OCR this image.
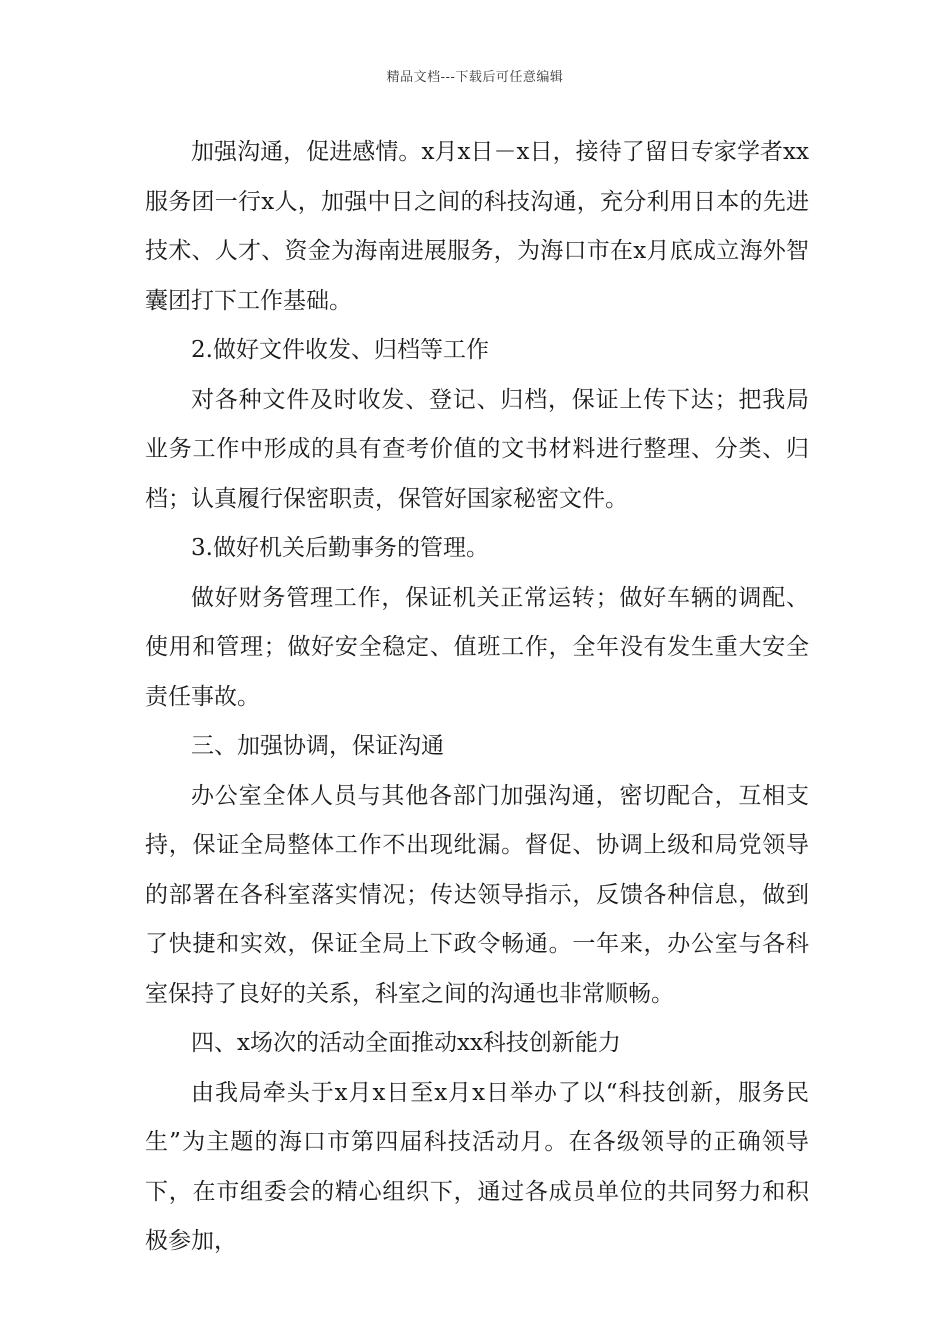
精品文档---下载后可任意编辑

加强沟通，促进感情。x月x日－x日，接待了留日专家学者xx服务团一行x人，加强中日之间的科技沟通，充分利用日本的先进技术、人才、资金为海南进展服务，为海口市在x月底成立海外智囊团打下工作基础。

2.做好文件收发、归档等工作

对各种文件及时收发、登记、归档，保证上传下达；把我局业务工作中形成的具有查考价值的文书材料进行整理、分类、归档；认真履行保密职责，保管好国家秘密文件。

3.做好机关后勤事务的管理。

做好财务管理工作，保证机关正常运转；做好车辆的调配、使用和管理；做好安全稳定、值班工作，全年没有发生重大安全责任事故。

三、加强协调，保证沟通

办公室全体人员与其他各部门加强沟通，密切配合，互相支持，保证全局整体工作不出现纰漏。督促、协调上级和局党领导的部署在各科室落实情况；传达领导指示，反馈各种信息，做到了快捷和实效，保证全局上下政令畅通。一年来，办公室与各科室保持了良好的关系，科室之间的沟通也非常顺畅。

四、x场次的活动全面推动xx科技创新能力

由我局牵头于x月x日至x月x日举办了以“科技创新，服务民生”为主题的海口市第四届科技活动月。在各级领导的正确领导下，在市组委会的精心组织下，通过各成员单位的共同努力和积极参加，
